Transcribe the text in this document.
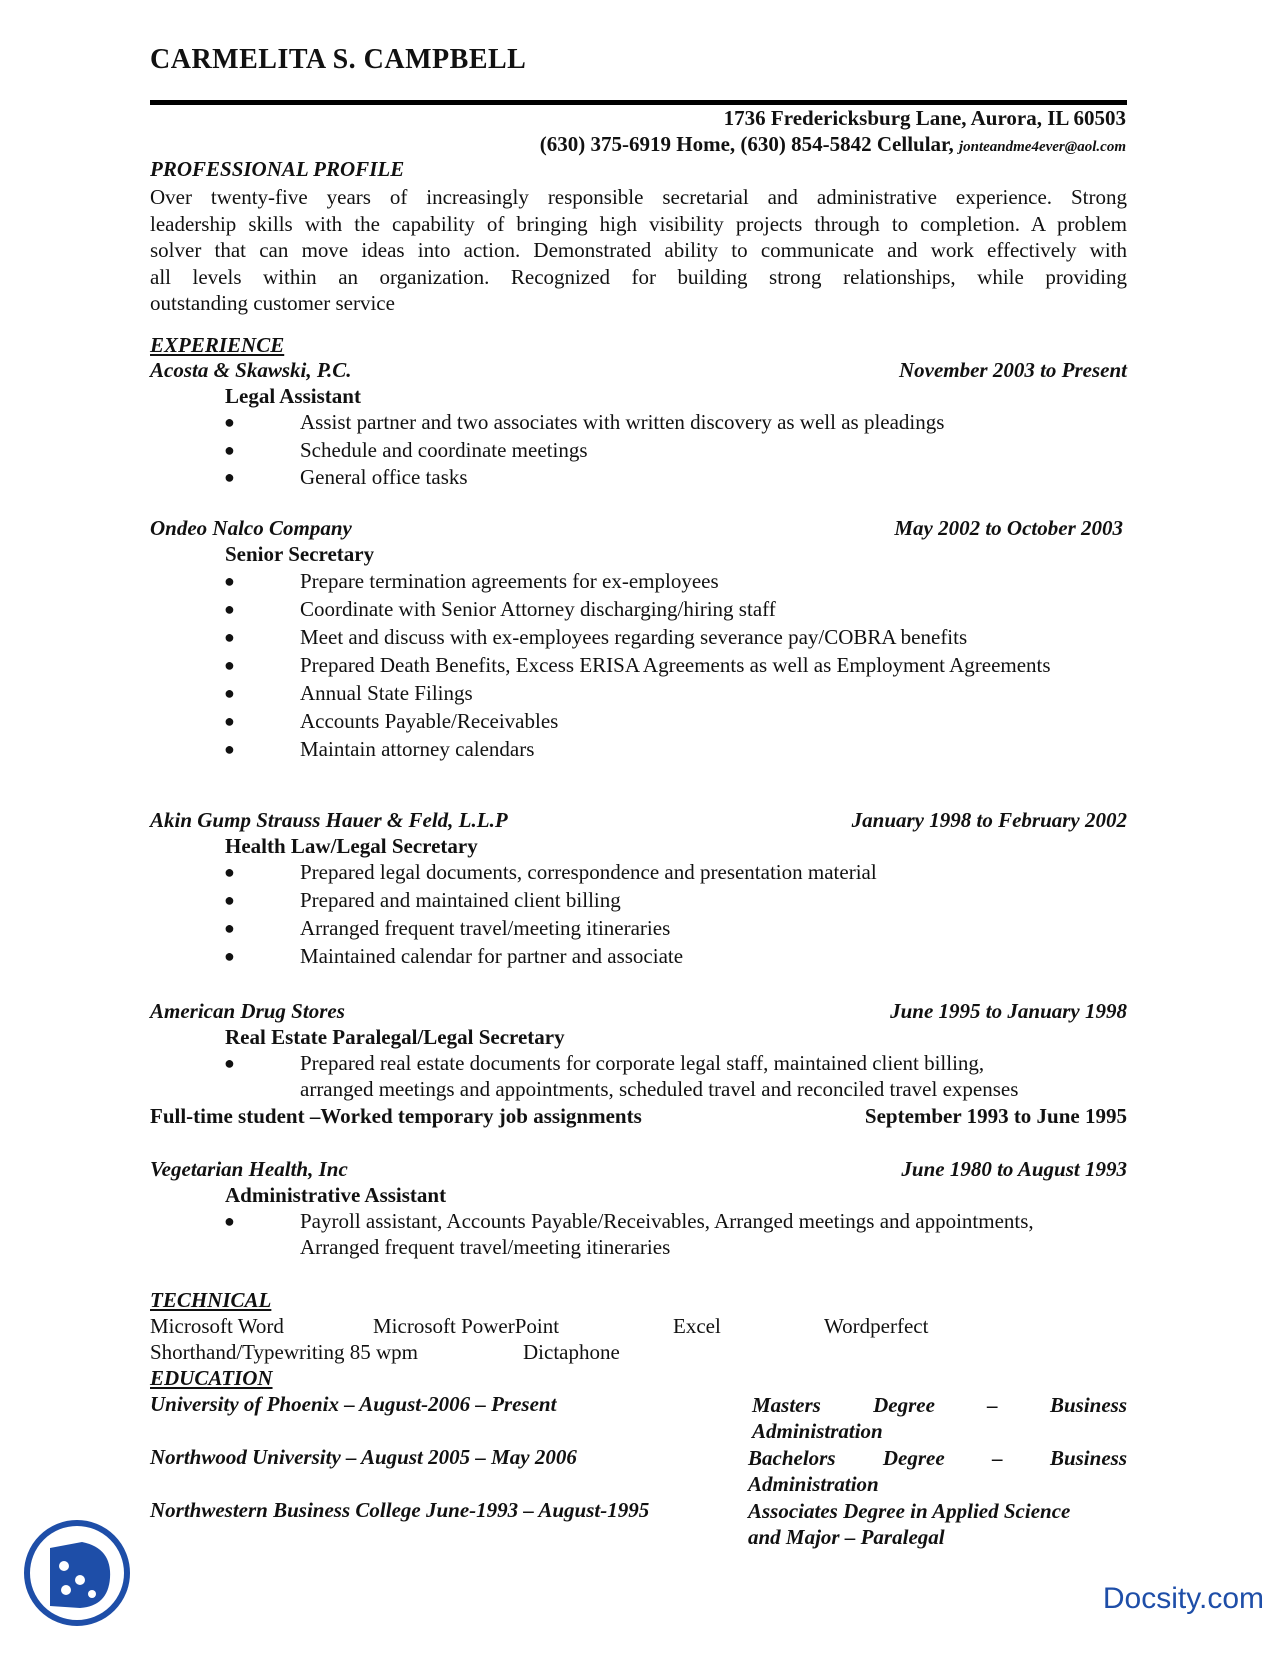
CARMELITA S. CAMPBELL
1736 Fredericksburg Lane, Aurora, IL 60503
(630) 375-6919 Home, (630) 854-5842 Cellular, jonteandme4ever@aol.com
PROFESSIONAL PROFILE
Over twenty-five years of increasingly responsible secretarial and administrative experience. Strong
leadership skills with the capability of bringing high visibility projects through to completion. A problem
solver that can move ideas into action. Demonstrated ability to communicate and work effectively with
all levels within an organization. Recognized for building strong relationships, while providing
outstanding customer service
EXPERIENCE
Acosta & Skawski, P.C.	November 2003 to Present
Legal Assistant
●	Assist partner and two associates with written discovery as well as pleadings
●	Schedule and coordinate meetings
●	General office tasks
Ondeo Nalco Company	May 2002 to October 2003
Senior Secretary
●	Prepare termination agreements for ex-employees
●	Coordinate with Senior Attorney discharging/hiring staff
●	Meet and discuss with ex-employees regarding severance pay/COBRA benefits
●	Prepared Death Benefits, Excess ERISA Agreements as well as Employment Agreements
●	Annual State Filings
●	Accounts Payable/Receivables
●	Maintain attorney calendars
Akin Gump Strauss Hauer & Feld, L.L.P	January 1998 to February 2002
Health Law/Legal Secretary
●	Prepared legal documents, correspondence and presentation material
●	Prepared and maintained client billing
●	Arranged frequent travel/meeting itineraries
●	Maintained calendar for partner and associate
American Drug Stores	June 1995 to January 1998
Real Estate Paralegal/Legal Secretary
●	Prepared real estate documents for corporate legal staff, maintained client billing,
arranged meetings and appointments, scheduled travel and reconciled travel expenses
Full-time student –Worked temporary job assignments	September 1993 to June 1995
Vegetarian Health, Inc	June 1980 to August 1993
Administrative Assistant
●	Payroll assistant, Accounts Payable/Receivables, Arranged meetings and appointments,
Arranged frequent travel/meeting itineraries
TECHNICAL
Microsoft Word	Microsoft PowerPoint	Excel	Wordperfect
Shorthand/Typewriting 85 wpm	Dictaphone
EDUCATION
University of Phoenix – August-2006 – Present	Masters Degree – Business
Administration
Northwood University – August 2005 – May 2006	Bachelors Degree – Business
Administration
Northwestern Business College June-1993 – August-1995	Associates Degree in Applied Science
and Major – Paralegal
Docsity.com
